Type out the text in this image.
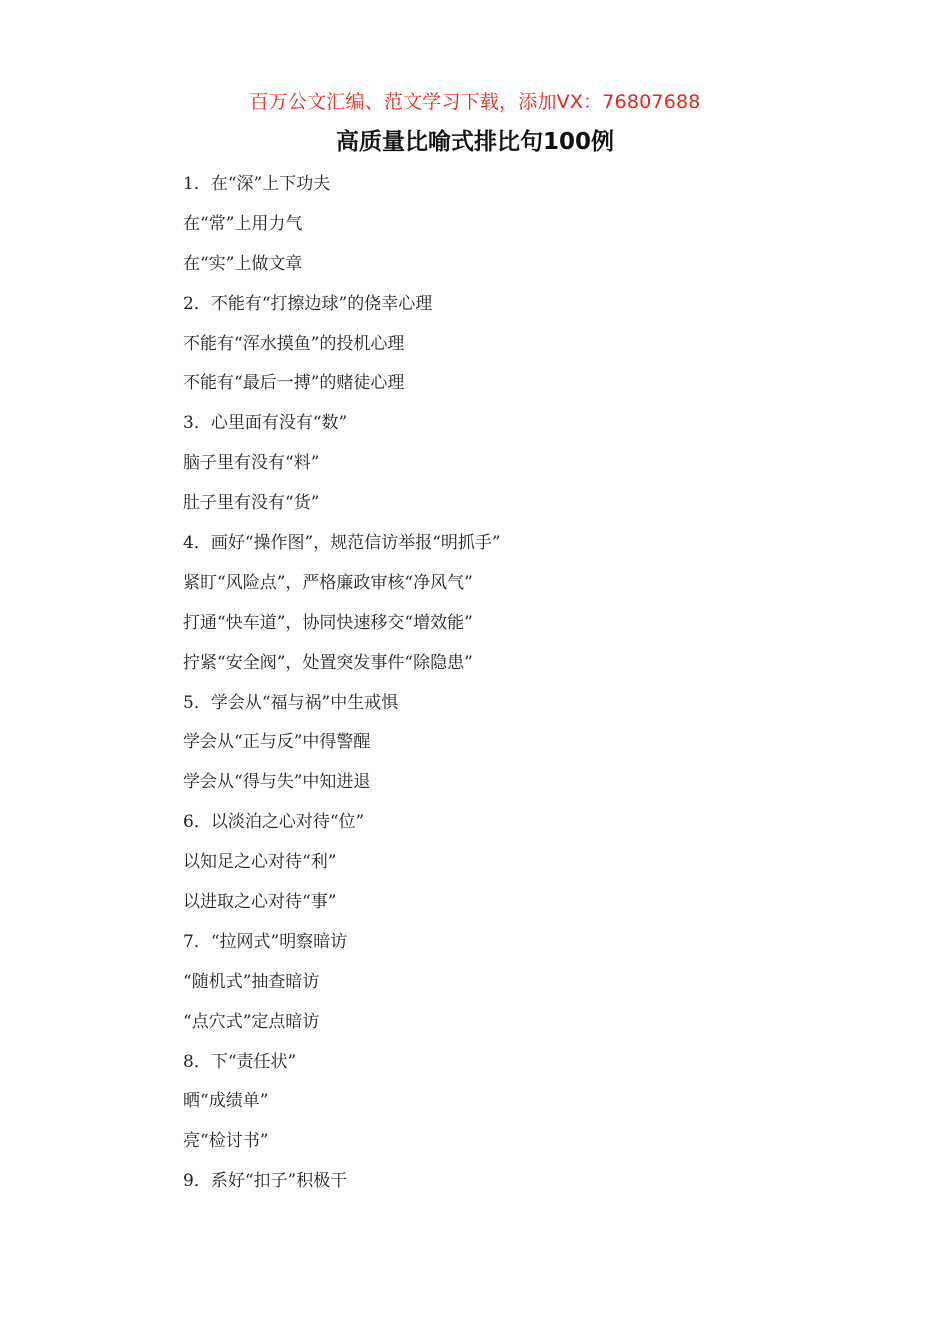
百万公文汇编、范文学习下载，添加VX：76807688
高质量比喻式排比句100例
1．在“深”上下功夫
在“常”上用力气
在“实”上做文章
2．不能有“打擦边球”的侥幸心理
不能有“浑水摸鱼”的投机心理
不能有“最后一搏”的赌徒心理
3．心里面有没有“数”
脑子里有没有“料”
肚子里有没有“货”
4．画好“操作图”，规范信访举报“明抓手”
紧盯“风险点”，严格廉政审核“净风气”
打通“快车道”，协同快速移交“增效能”
拧紧“安全阀”，处置突发事件“除隐患”
5．学会从“福与祸”中生戒惧
学会从“正与反”中得警醒
学会从“得与失”中知进退
6．以淡泊之心对待“位”
以知足之心对待“利”
以进取之心对待“事”
7．“拉网式”明察暗访
“随机式”抽查暗访
“点穴式”定点暗访
8．下“责任状”
晒“成绩单”
亮“检讨书”
9．系好“扣子”积极干
